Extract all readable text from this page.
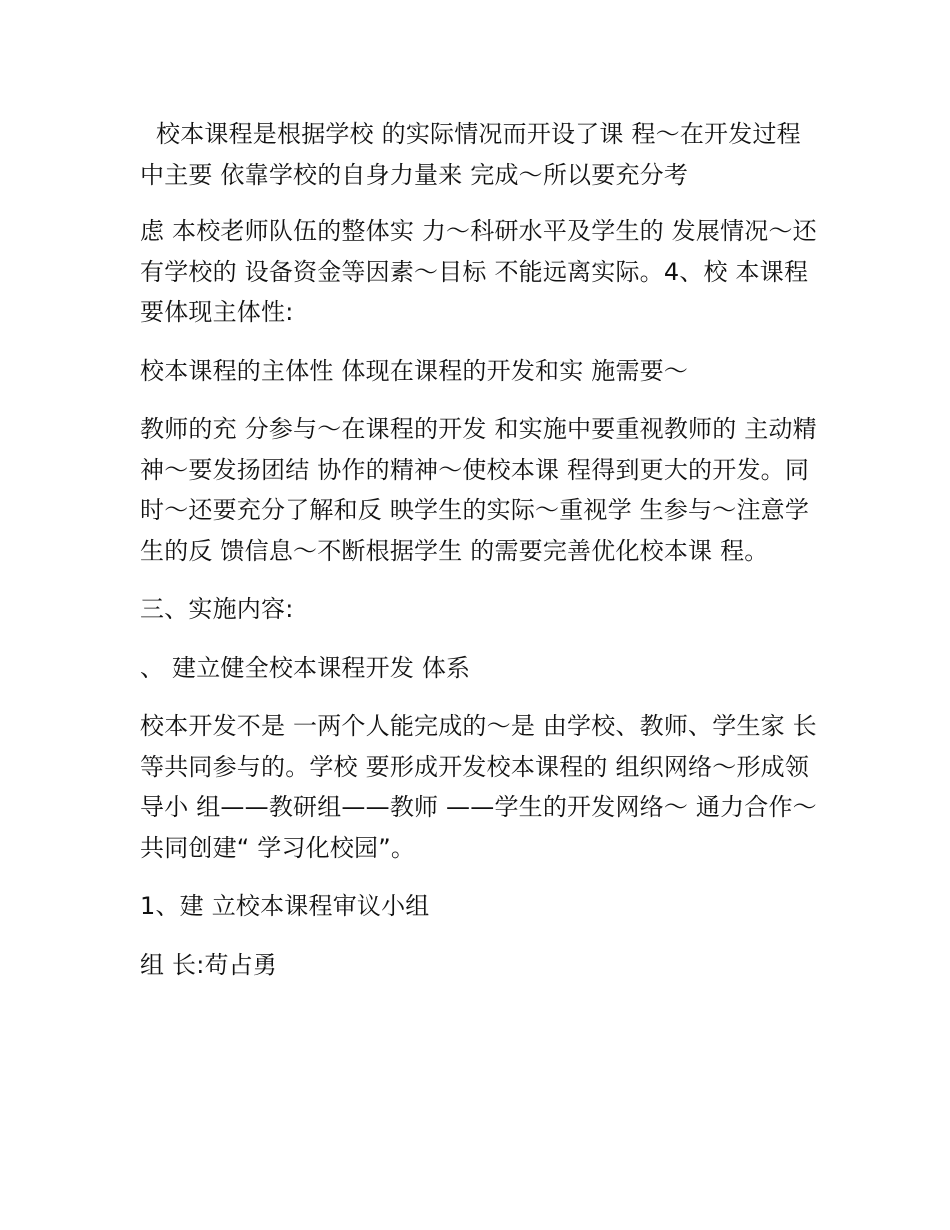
校本课程是根据学校 的实际情况而开设了课 程～在开发过程中主要 依靠学校的自身力量来 完成～所以要充分考

虑 本校老师队伍的整体实 力～科研水平及学生的 发展情况～还有学校的 设备资金等因素～目标 不能远离实际。4、校 本课程要体现主体性:

校本课程的主体性 体现在课程的开发和实 施需要～

教师的充 分参与～在课程的开发 和实施中要重视教师的 主动精神～要发扬团结 协作的精神～使校本课 程得到更大的开发。同 时～还要充分了解和反 映学生的实际～重视学 生参与～注意学生的反 馈信息～不断根据学生 的需要完善优化校本课 程。

三、实施内容:

、 建立健全校本课程开发 体系

校本开发不是 一两个人能完成的～是 由学校、教师、学生家 长等共同参与的。学校 要形成开发校本课程的 组织网络～形成领导小 组——教研组——教师 ——学生的开发网络～ 通力合作～共同创建“ 学习化校园”。

1、建 立校本课程审议小组

组 长:苟占勇
